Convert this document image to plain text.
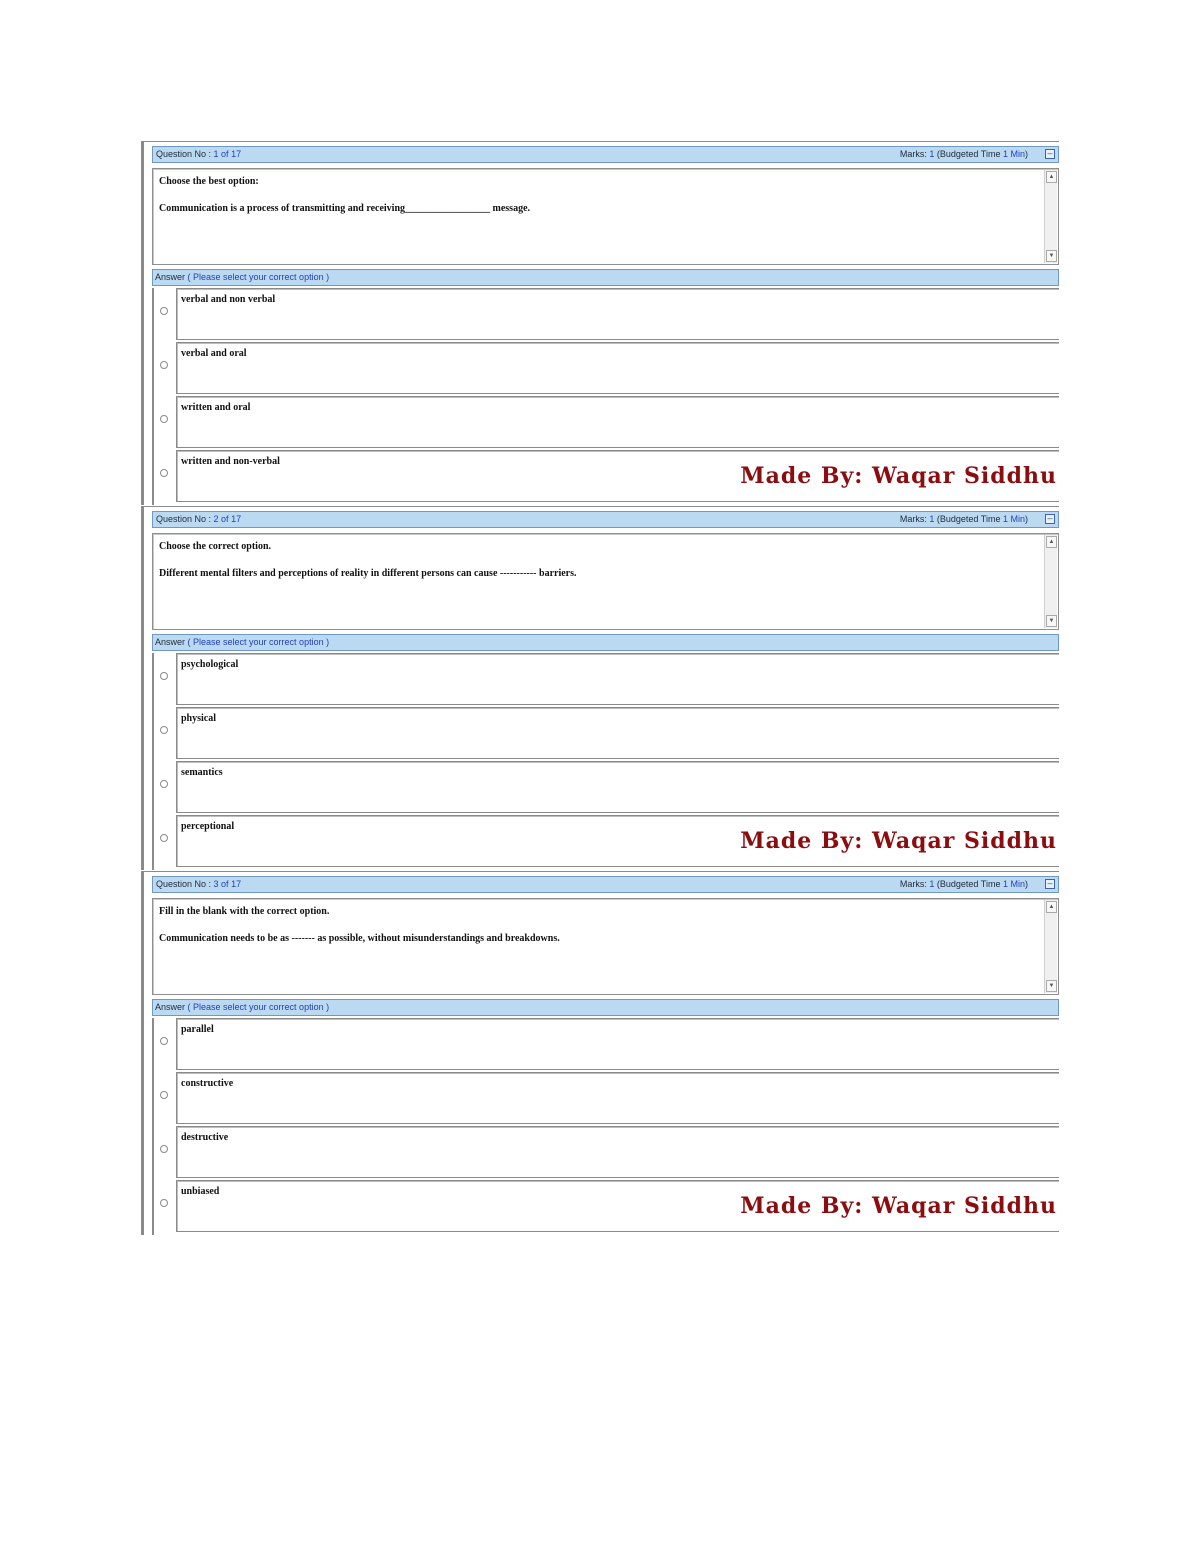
Question No : 1 of 17	Marks: 1 (Budgeted Time 1 Min) –

Choose the best option:

Communication is a process of transmitting and receiving_________________ message.

▲
▼
Answer ( Please select your correct option )
verbal and non verbal
verbal and oral
written and oral
written and non-verbal
Made By: Waqar Siddhu
Question No : 2 of 17	Marks: 1 (Budgeted Time 1 Min) –

Choose the correct option.

Different mental filters and perceptions of reality in different persons can cause ----------- barriers.

▲
▼
Answer ( Please select your correct option )
psychological
physical
semantics
perceptional
Made By: Waqar Siddhu
Question No : 3 of 17	Marks: 1 (Budgeted Time 1 Min) –

Fill in the blank with the correct option.

Communication needs to be as ------- as possible, without misunderstandings and breakdowns.

▲
▼
Answer ( Please select your correct option )
parallel
constructive
destructive
unbiased
Made By: Waqar Siddhu
